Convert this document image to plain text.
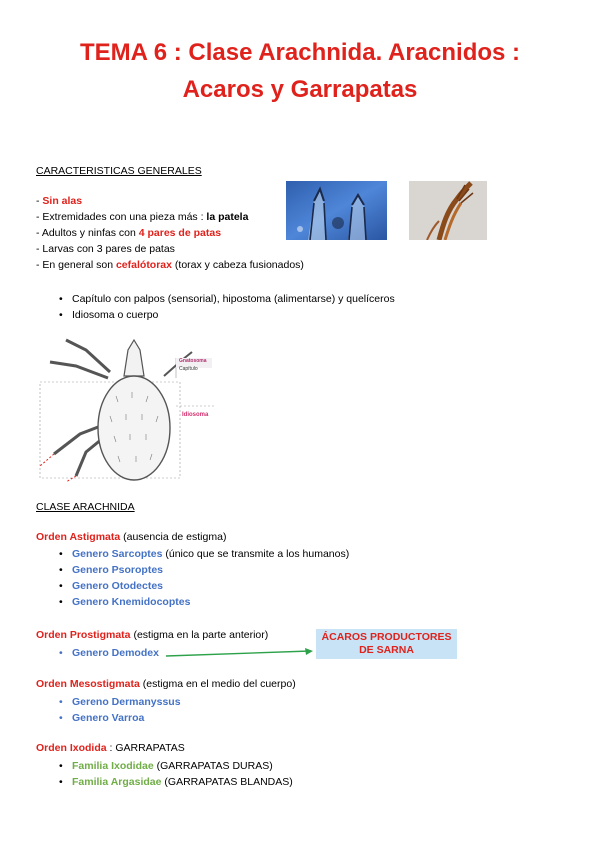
TEMA 6 : Clase Arachnida. Aracnidos :
Acaros y Garrapatas
CARACTERISTICAS GENERALES
- Sin alas
- Extremidades con una pieza más : la patela
- Adultos y ninfas con 4 pares de patas
- Larvas con 3 pares de patas
- En general son cefalótorax (torax y cabeza fusionados)
• Capítulo con palpos (sensorial), hipostoma (alimentarse) y quelíceros
• Idiosoma o cuerpo
Gnatosoma
Capítulo
Idiosoma
CLASE ARACHNIDA
Orden Astigmata (ausencia de estigma)
• Genero Sarcoptes (único que se transmite a los humanos)
• Genero Psoroptes
• Genero Otodectes
• Genero Knemidocoptes
Orden Prostigmata (estigma en la parte anterior)
• Genero Demodex
ÁCAROS PRODUCTORES
DE SARNA
Orden Mesostigmata (estigma en el medio del cuerpo)
• Gereno Dermanyssus
• Genero Varroa
Orden Ixodida : GARRAPATAS
• Familia Ixodidae (GARRAPATAS DURAS)
• Familia Argasidae (GARRAPATAS BLANDAS)
